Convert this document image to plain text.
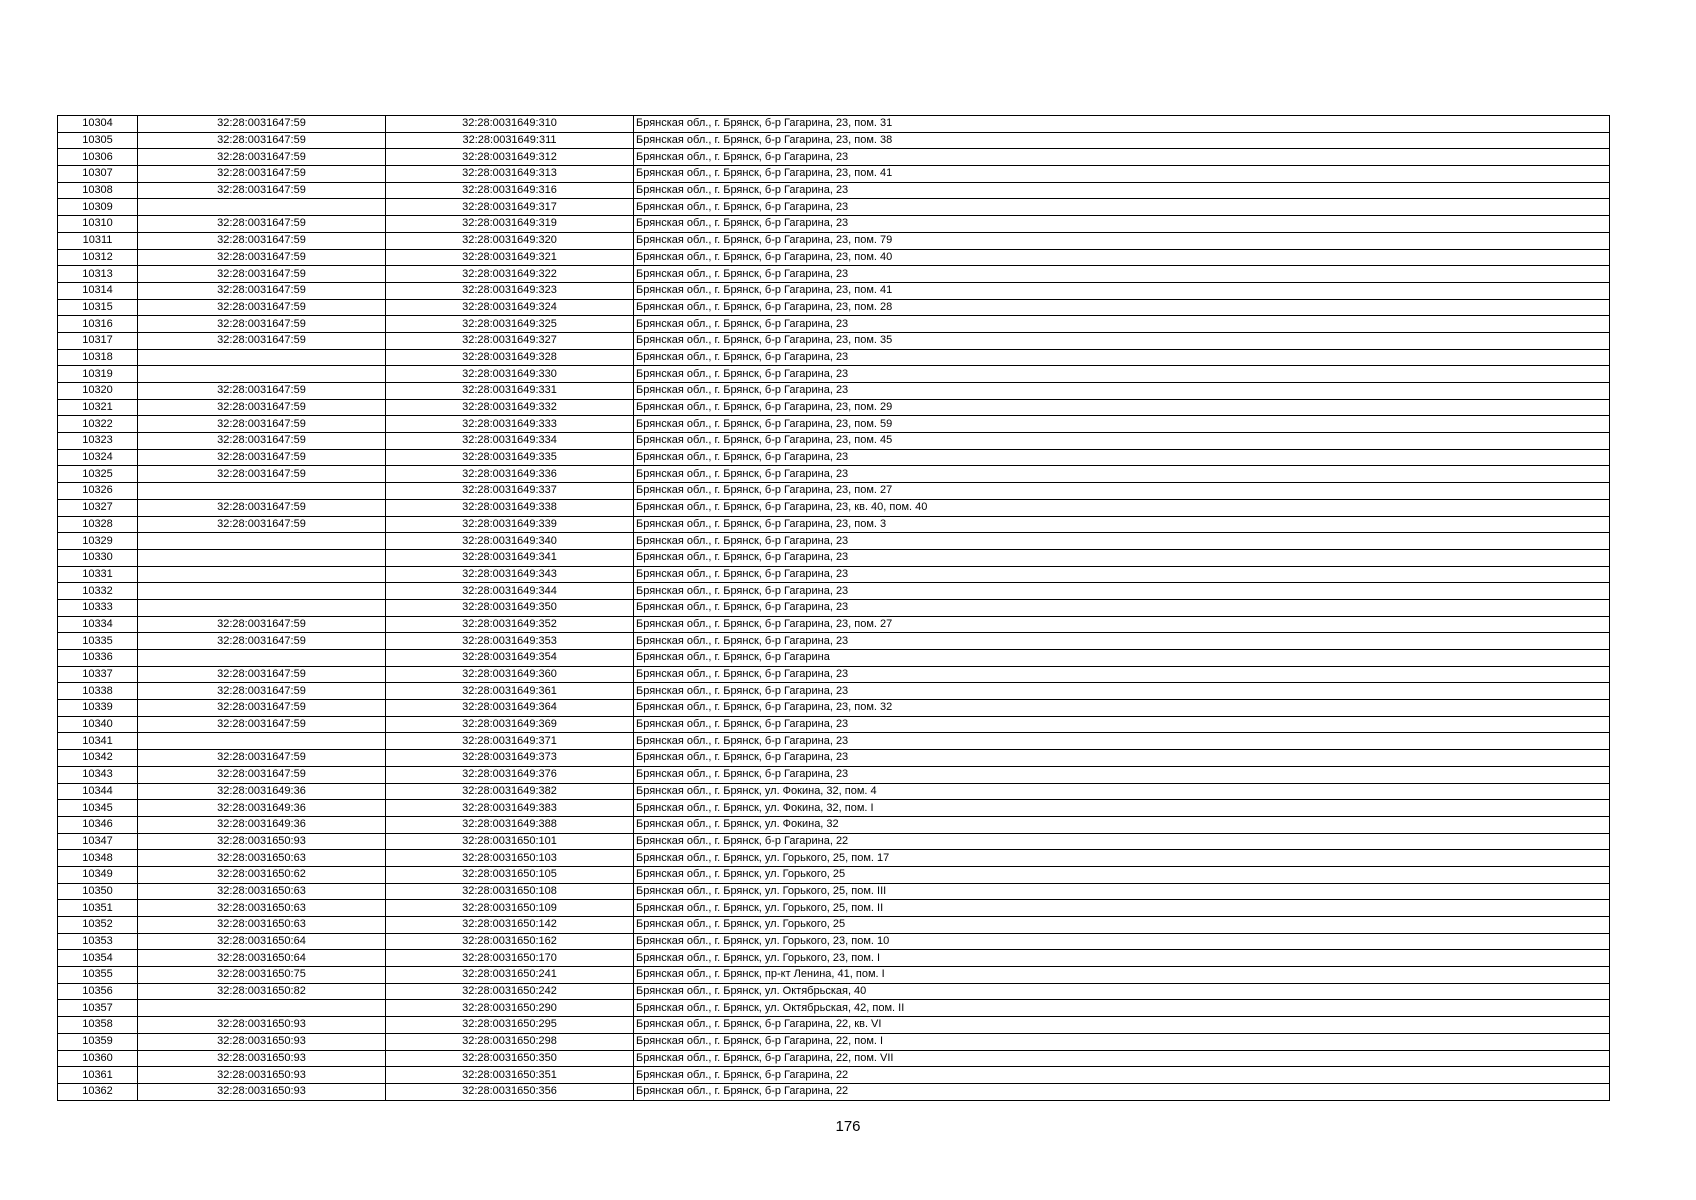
10304	32:28:0031647:59	32:28:0031649:310	Брянская обл., г. Брянск, б-р Гагарина, 23, пом. 31
10305	32:28:0031647:59	32:28:0031649:311	Брянская обл., г. Брянск, б-р Гагарина, 23, пом. 38
10306	32:28:0031647:59	32:28:0031649:312	Брянская обл., г. Брянск, б-р Гагарина, 23
10307	32:28:0031647:59	32:28:0031649:313	Брянская обл., г. Брянск, б-р Гагарина, 23, пом. 41
10308	32:28:0031647:59	32:28:0031649:316	Брянская обл., г. Брянск, б-р Гагарина, 23
10309		32:28:0031649:317	Брянская обл., г. Брянск, б-р Гагарина, 23
10310	32:28:0031647:59	32:28:0031649:319	Брянская обл., г. Брянск, б-р Гагарина, 23
10311	32:28:0031647:59	32:28:0031649:320	Брянская обл., г. Брянск, б-р Гагарина, 23, пом. 79
10312	32:28:0031647:59	32:28:0031649:321	Брянская обл., г. Брянск, б-р Гагарина, 23, пом. 40
10313	32:28:0031647:59	32:28:0031649:322	Брянская обл., г. Брянск, б-р Гагарина, 23
10314	32:28:0031647:59	32:28:0031649:323	Брянская обл., г. Брянск, б-р Гагарина, 23, пом. 41
10315	32:28:0031647:59	32:28:0031649:324	Брянская обл., г. Брянск, б-р Гагарина, 23, пом. 28
10316	32:28:0031647:59	32:28:0031649:325	Брянская обл., г. Брянск, б-р Гагарина, 23
10317	32:28:0031647:59	32:28:0031649:327	Брянская обл., г. Брянск, б-р Гагарина, 23, пом. 35
10318		32:28:0031649:328	Брянская обл., г. Брянск, б-р Гагарина, 23
10319		32:28:0031649:330	Брянская обл., г. Брянск, б-р Гагарина, 23
10320	32:28:0031647:59	32:28:0031649:331	Брянская обл., г. Брянск, б-р Гагарина, 23
10321	32:28:0031647:59	32:28:0031649:332	Брянская обл., г. Брянск, б-р Гагарина, 23, пом. 29
10322	32:28:0031647:59	32:28:0031649:333	Брянская обл., г. Брянск, б-р Гагарина, 23, пом. 59
10323	32:28:0031647:59	32:28:0031649:334	Брянская обл., г. Брянск, б-р Гагарина, 23, пом. 45
10324	32:28:0031647:59	32:28:0031649:335	Брянская обл., г. Брянск, б-р Гагарина, 23
10325	32:28:0031647:59	32:28:0031649:336	Брянская обл., г. Брянск, б-р Гагарина, 23
10326		32:28:0031649:337	Брянская обл., г. Брянск, б-р Гагарина, 23, пом. 27
10327	32:28:0031647:59	32:28:0031649:338	Брянская обл., г. Брянск, б-р Гагарина, 23, кв. 40, пом. 40
10328	32:28:0031647:59	32:28:0031649:339	Брянская обл., г. Брянск, б-р Гагарина, 23, пом. 3
10329		32:28:0031649:340	Брянская обл., г. Брянск, б-р Гагарина, 23
10330		32:28:0031649:341	Брянская обл., г. Брянск, б-р Гагарина, 23
10331		32:28:0031649:343	Брянская обл., г. Брянск, б-р Гагарина, 23
10332		32:28:0031649:344	Брянская обл., г. Брянск, б-р Гагарина, 23
10333		32:28:0031649:350	Брянская обл., г. Брянск, б-р Гагарина, 23
10334	32:28:0031647:59	32:28:0031649:352	Брянская обл., г. Брянск, б-р Гагарина, 23, пом. 27
10335	32:28:0031647:59	32:28:0031649:353	Брянская обл., г. Брянск, б-р Гагарина, 23
10336		32:28:0031649:354	Брянская обл., г. Брянск, б-р Гагарина
10337	32:28:0031647:59	32:28:0031649:360	Брянская обл., г. Брянск, б-р Гагарина, 23
10338	32:28:0031647:59	32:28:0031649:361	Брянская обл., г. Брянск, б-р Гагарина, 23
10339	32:28:0031647:59	32:28:0031649:364	Брянская обл., г. Брянск, б-р Гагарина, 23, пом. 32
10340	32:28:0031647:59	32:28:0031649:369	Брянская обл., г. Брянск, б-р Гагарина, 23
10341		32:28:0031649:371	Брянская обл., г. Брянск, б-р Гагарина, 23
10342	32:28:0031647:59	32:28:0031649:373	Брянская обл., г. Брянск, б-р Гагарина, 23
10343	32:28:0031647:59	32:28:0031649:376	Брянская обл., г. Брянск, б-р Гагарина, 23
10344	32:28:0031649:36	32:28:0031649:382	Брянская обл., г. Брянск, ул. Фокина, 32, пом. 4
10345	32:28:0031649:36	32:28:0031649:383	Брянская обл., г. Брянск, ул. Фокина, 32, пом. I
10346	32:28:0031649:36	32:28:0031649:388	Брянская обл., г. Брянск, ул. Фокина, 32
10347	32:28:0031650:93	32:28:0031650:101	Брянская обл., г. Брянск, б-р Гагарина, 22
10348	32:28:0031650:63	32:28:0031650:103	Брянская обл., г. Брянск, ул. Горького, 25, пом. 17
10349	32:28:0031650:62	32:28:0031650:105	Брянская обл., г. Брянск, ул. Горького, 25
10350	32:28:0031650:63	32:28:0031650:108	Брянская обл., г. Брянск, ул. Горького, 25, пом. III
10351	32:28:0031650:63	32:28:0031650:109	Брянская обл., г. Брянск, ул. Горького, 25, пом. II
10352	32:28:0031650:63	32:28:0031650:142	Брянская обл., г. Брянск, ул. Горького, 25
10353	32:28:0031650:64	32:28:0031650:162	Брянская обл., г. Брянск, ул. Горького, 23, пом. 10
10354	32:28:0031650:64	32:28:0031650:170	Брянская обл., г. Брянск, ул. Горького, 23, пом. I
10355	32:28:0031650:75	32:28:0031650:241	Брянская обл., г. Брянск, пр-кт Ленина, 41, пом. I
10356	32:28:0031650:82	32:28:0031650:242	Брянская обл., г. Брянск, ул. Октябрьская, 40
10357		32:28:0031650:290	Брянская обл., г. Брянск, ул. Октябрьская, 42, пом. II
10358	32:28:0031650:93	32:28:0031650:295	Брянская обл., г. Брянск, б-р Гагарина, 22, кв. VI
10359	32:28:0031650:93	32:28:0031650:298	Брянская обл., г. Брянск, б-р Гагарина, 22, пом. I
10360	32:28:0031650:93	32:28:0031650:350	Брянская обл., г. Брянск, б-р Гагарина, 22, пом. VII
10361	32:28:0031650:93	32:28:0031650:351	Брянская обл., г. Брянск, б-р Гагарина, 22
10362	32:28:0031650:93	32:28:0031650:356	Брянская обл., г. Брянск, б-р Гагарина, 22
176
